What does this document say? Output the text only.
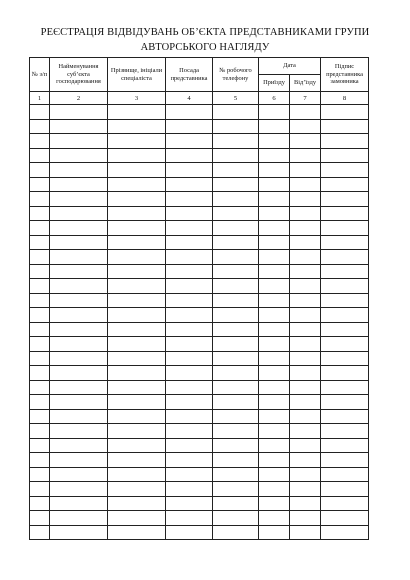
РЕЄСТРАЦІЯ ВІДВІДУВАНЬ ОБ’ЄКТА ПРЕДСТАВНИКАМИ ГРУПИ
АВТОРСЬКОГО НАГЛЯДУ
№ з/п	Найменування суб’єкта господарювання	Прізвище, ініціали спеціаліста	Посада представника	№ робочого телефону	Дата		Підпис представника замовника
					Приїзду	Від’їзду	
1	2	3	4	5	6	7	8
